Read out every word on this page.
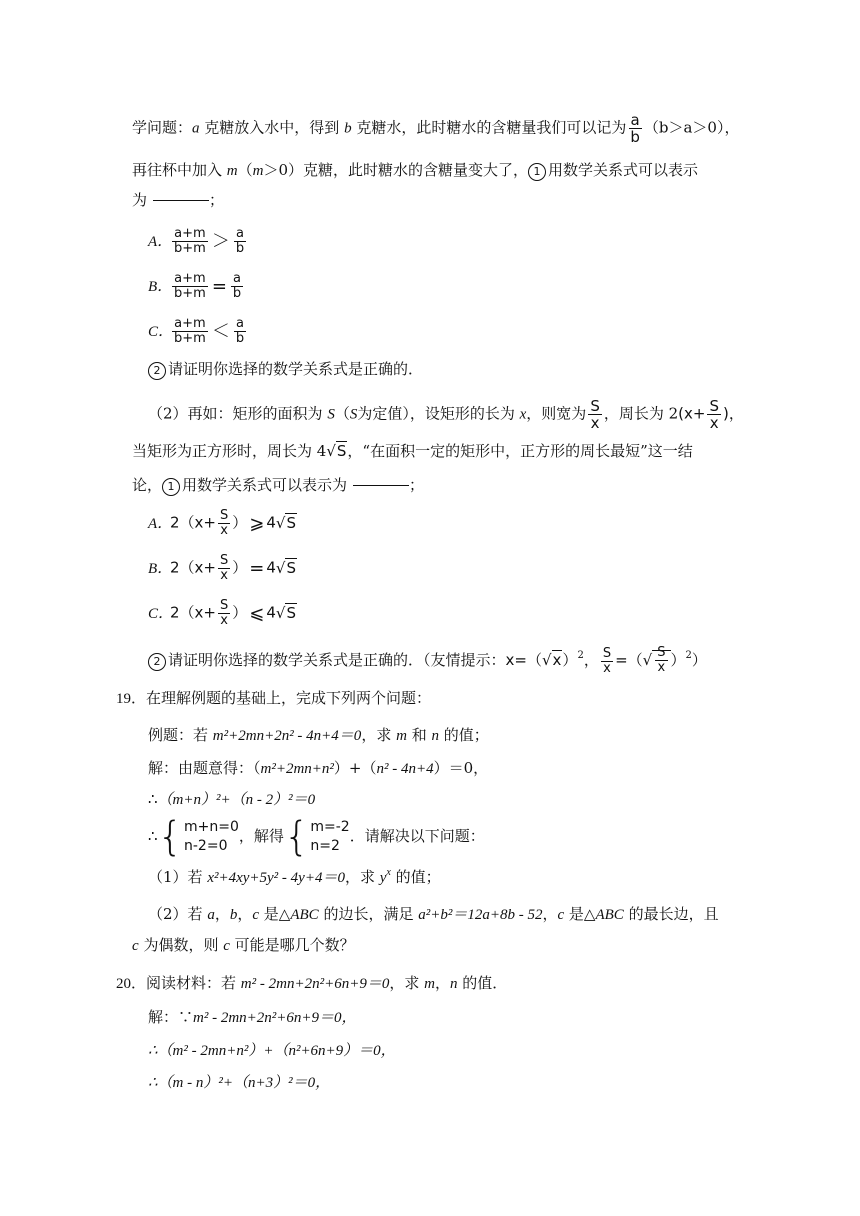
学问题：a 克糖放入水中，得到 b 克糖水，此时糖水的含糖量我们可以记为 $\frac{a}{b} (b>a>0)$，
再往杯中加入 m（m＞0）克糖，此时糖水的含糖量变大了， 1 用数学关系式可以表示
为	；
A． $\frac{a+m}{b+m} > \frac{a}{b}$
B． $\frac{a+m}{b+m} = \frac{a}{b}$
C．
$\frac{a+m}{b+m} < \frac{a}{b}$
2 请证明你选择的数学关系式是正确的．
（2）再如：矩形的面积为 S（S为定值），设矩形的长为 x，则宽为 $\frac{S}{x}$ ，周长为 $2(x+ \frac{S}{x}$ )，
当矩形为正方形时，周长为 4√S，“在面积一定的矩形中，正方形的周长最短”这一结
论， 1 用数学关系式可以表示为	；
A．$2(x+ \frac{S}{x}$ ） ⩾ 4√S
B．$2(x+ \frac{S}{x}$ ） = 4√S
C．$2(x+ \frac{S}{x}$ ） ⩽ 4√S
2 请证明你选择的数学关系式是正确的．（友情提示：$x=(√x)^2$， $\frac{S}{x}$ =（√ $\frac{S}{x} )^2$）
19．在理解例题的基础上，完成下列两个问题：
例题：若 m²+2mn+2n² - 4n+4＝0，求 m 和 n 的值；
解：由题意得：（m²+2mn+n²）+（n² - 4n+4）＝0，
∴（m+n）²+（n - 2）²＝0
∴ { m+n=0
n-2=0
，解得 { m=-2
n=2
．请解决以下问题：
（1）若 x²+4xy+5y² - 4y+4＝0，求 $y^x$ 的值；
（2）若 a，b，c 是△ABC 的边长，满足 a²+b²＝12a+8b - 52，c 是△ABC 的最长边，且
c 为偶数，则 c 可能是哪几个数？
20．阅读材料：若 m² - 2mn+2n²+6n+9＝0，求 m，n 的值．
解：∵m² - 2mn+2n²+6n+9＝0，
∴（m² - 2mn+n²）+（n²+6n+9）＝0，
∴（m - n）²+（n+3）²＝0，
